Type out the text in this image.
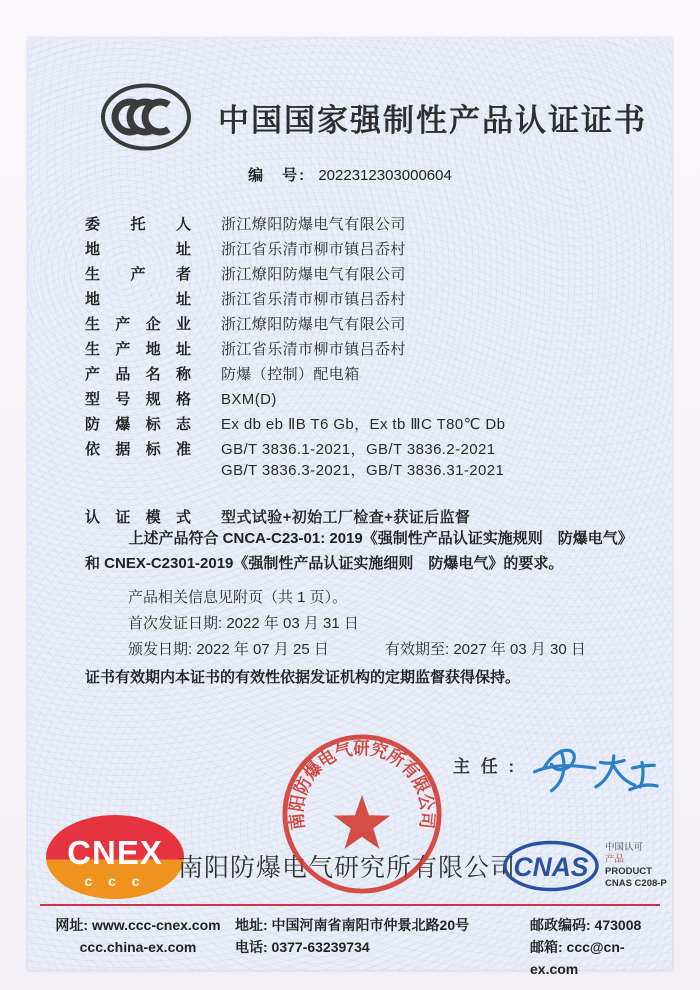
中国国家强制性产品认证证书
编　号: 2022312303000604
委托人 浙江燎阳防爆电气有限公司
地址 浙江省乐清市柳市镇吕岙村
生产者 浙江燎阳防爆电气有限公司
地址 浙江省乐清市柳市镇吕岙村
生产企业 浙江燎阳防爆电气有限公司
生产地址 浙江省乐清市柳市镇吕岙村
产品名称 防爆（控制）配电箱
型号规格 BXM(D)
防爆标志 Ex db eb ⅡB T6 Gb，Ex tb ⅢC T80℃ Db
依据标准 GB/T 3836.1-2021，GB/T 3836.2-2021
GB/T 3836.3-2021，GB/T 3836.31-2021
认证模式 型式试验+初始工厂检查+获证后监督
上述产品符合 CNCA-C23-01: 2019《强制性产品认证实施规则　防爆电气》和 CNEX-C2301-2019《强制性产品认证实施细则　防爆电气》的要求。
产品相关信息见附页（共 1 页）。
首次发证日期: 2022 年 03 月 31 日
颁发日期: 2022 年 07 月 25 日	有效期至: 2027 年 03 月 30 日
证书有效期内本证书的有效性依据发证机构的定期监督获得保持。
主 任 :
南阳防爆电气研究所有限公司
CNEX
c c c 南阳防爆电气研究所有限公司
CNAS
中国认可
产品
PRODUCT
CNAS C208-P
网址: www.ccc-cnex.com
ccc.china-ex.com
地址: 中国河南省南阳市仲景北路20号
电话: 0377-63239734
邮政编码: 473008
邮箱: ccc@cn-ex.com
